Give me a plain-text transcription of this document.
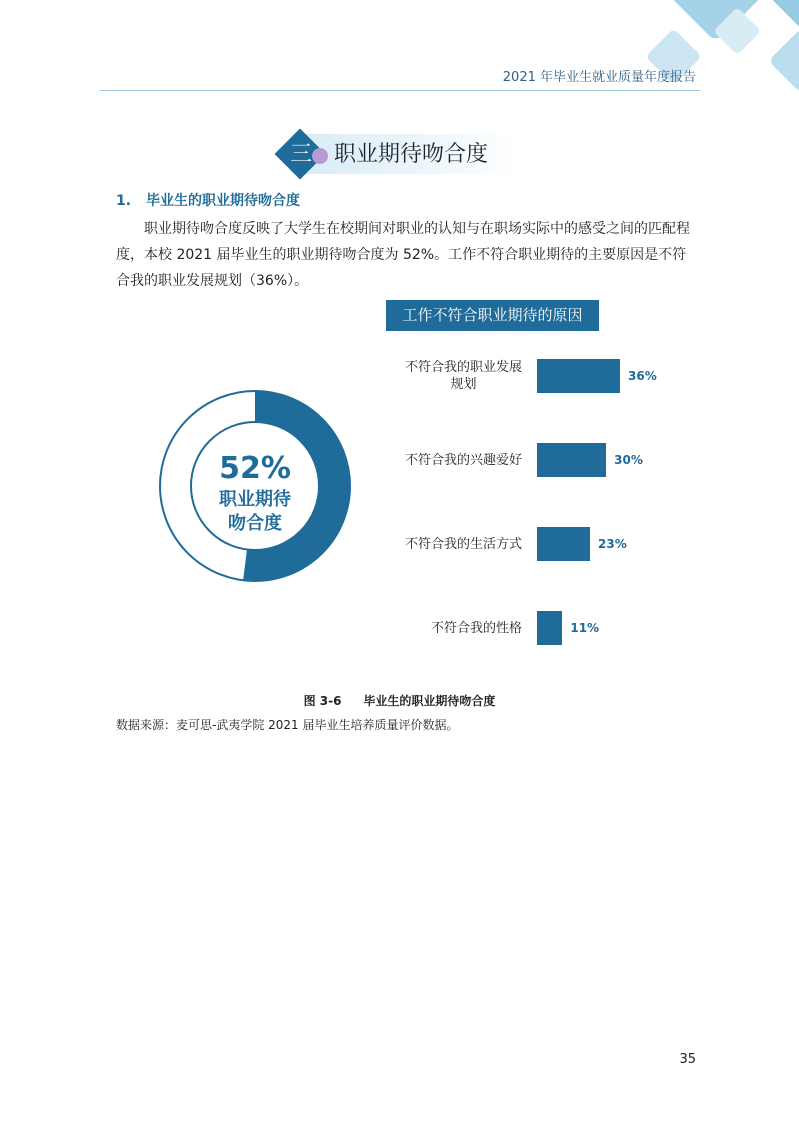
2021 年毕业生就业质量年度报告
三 职业期待吻合度
1. 毕业生的职业期待吻合度
职业期待吻合度反映了大学生在校期间对职业的认知与在职场实际中的感受之间的匹配程度，本校 2021 届毕业生的职业期待吻合度为 52%。工作不符合职业期待的主要原因是不符合我的职业发展规划（36%）。
52%
职业期待
吻合度
工作不符合职业期待的原因
不符合我的职业发展
规划
36%
不符合我的兴趣爱好	30%
不符合我的生活方式	23%
不符合我的性格	11%
图 3-6 毕业生的职业期待吻合度
数据来源：麦可思-武夷学院 2021 届毕业生培养质量评价数据。
35
